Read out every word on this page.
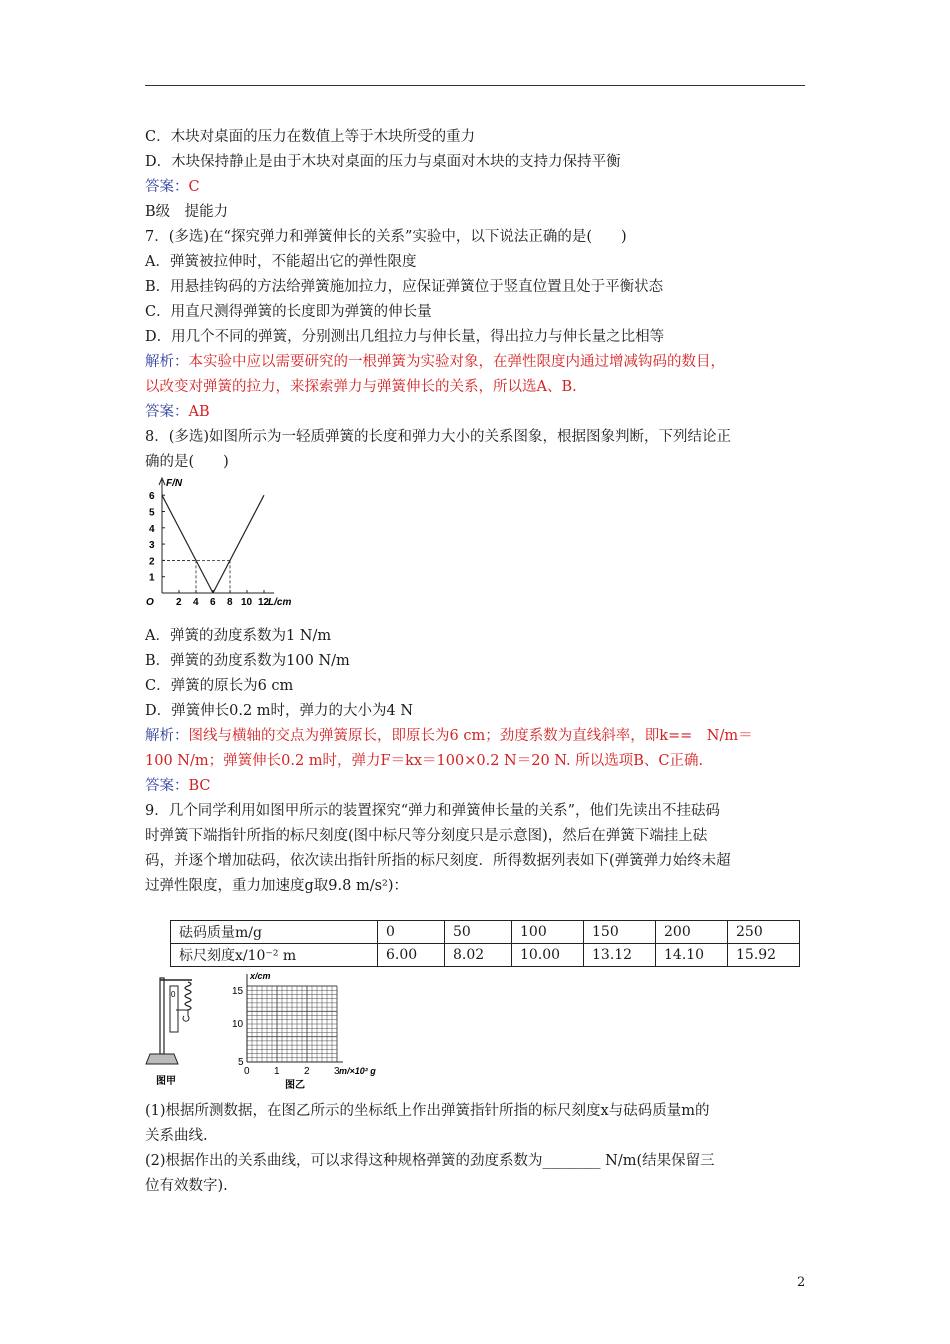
C．木块对桌面的压力在数值上等于木块所受的重力
D．木块保持静止是由于木块对桌面的压力与桌面对木块的支持力保持平衡
答案：C
B级　提能力
7．(多选)在“探究弹力和弹簧伸长的关系”实验中，以下说法正确的是(　　)
A．弹簧被拉伸时，不能超出它的弹性限度
B．用悬挂钩码的方法给弹簧施加拉力，应保证弹簧位于竖直位置且处于平衡状态
C．用直尺测得弹簧的长度即为弹簧的伸长量
D．用几个不同的弹簧，分别测出几组拉力与伸长量，得出拉力与伸长量之比相等
解析：本实验中应以需要研究的一根弹簧为实验对象，在弹性限度内通过增减钩码的数目，
以改变对弹簧的拉力，来探索弹力与弹簧伸长的关系，所以选A、B.
答案：AB
8．(多选)如图所示为一轻质弹簧的长度和弹力大小的关系图象，根据图象判断，下列结论正
确的是(　　)
F/N
L/cm
O
1
2
3
4
5
6
2 4 6 8 10 12
A．弹簧的劲度系数为1 N/m
B．弹簧的劲度系数为100 N/m
C．弹簧的原长为6 cm
D．弹簧伸长0.2 m时，弹力的大小为4 N
解析：图线与横轴的交点为弹簧原长，即原长为6 cm；劲度系数为直线斜率，即k==　N/m＝
100 N/m；弹簧伸长0.2 m时，弹力F＝kx＝100×0.2 N＝20 N. 所以选项B、C正确.
答案：BC
9．几个同学利用如图甲所示的装置探究“弹力和弹簧伸长量的关系”，他们先读出不挂砝码
时弹簧下端指针所指的标尺刻度(图中标尺等分刻度只是示意图)，然后在弹簧下端挂上砝
码，并逐个增加砝码，依次读出指针所指的标尺刻度．所得数据列表如下(弹簧弹力始终未超
过弹性限度，重力加速度g取9.8 m/s²)：
砝码质量m/g	0	50	100	150	200	250
标尺刻度x/10⁻² m	6.00	8.02	10.00	13.12	14.10	15.92
0
图甲
x/cm
m/×10² g
5
10
15
0 1 2 3
图乙
(1)根据所测数据，在图乙所示的坐标纸上作出弹簧指针所指的标尺刻度x与砝码质量m的
关系曲线.
(2)根据作出的关系曲线，可以求得这种规格弹簧的劲度系数为________ N/m(结果保留三
位有效数字).
2
